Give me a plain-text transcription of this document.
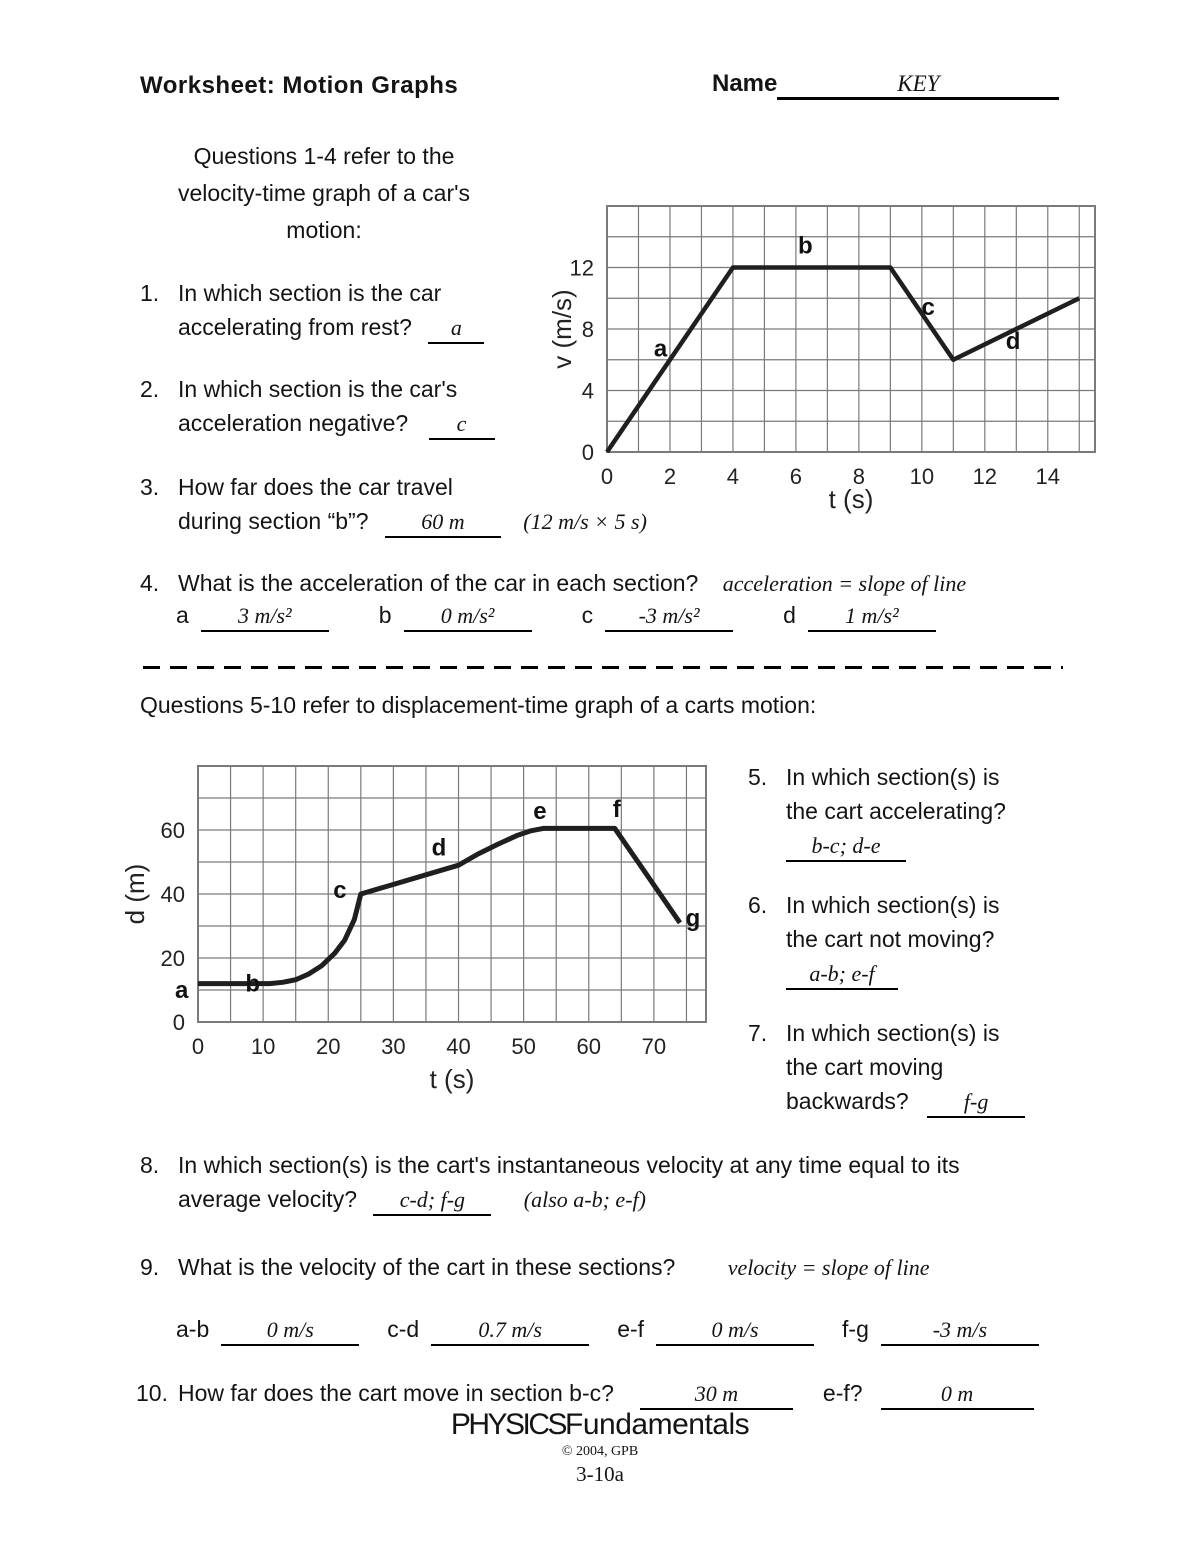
Worksheet: Motion Graphs	Name	KEY
Questions 1-4 refer to the
velocity-time graph of a car's
motion:
0 2 4 6 8 10 12 14
0
4
8
12
t (s)
v (m/s)	a
b
c
d
1. In which section is the car
accelerating from rest? a
2. In which section is the car's
acceleration negative? c
3. How far does the car travel
during section “b”? 60 m	(12 m/s × 5 s)
4. What is the acceleration of the car in each section? acceleration = slope of line
a 3 m/s²	b 0 m/s²	c -3 m/s²	d 1 m/s²
Questions 5-10 refer to displacement-time graph of a carts motion:
0 10 20 30 40 50 60 70
0
20
40
60
t (s)
d (m)
a b
c
d
e	f
g
5. In which section(s) is
the cart accelerating?
b-c; d-e
6. In which section(s) is
the cart not moving?
a-b; e-f
7. In which section(s) is
the cart moving
backwards?	f-g
8. In which section(s) is the cart's instantaneous velocity at any time equal to its
average velocity? c-d; f-g	(also a-b; e-f)
9. What is the velocity of the cart in these sections? velocity = slope of line
a-b	0 m/s	c-d	0.7 m/s	e-f	0 m/s	f-g	-3 m/s
10. How far does the cart move in section b-c?	30 m	e-f?	0 m
PHYSICSFundamentals
© 2004, GPB
3-10a
